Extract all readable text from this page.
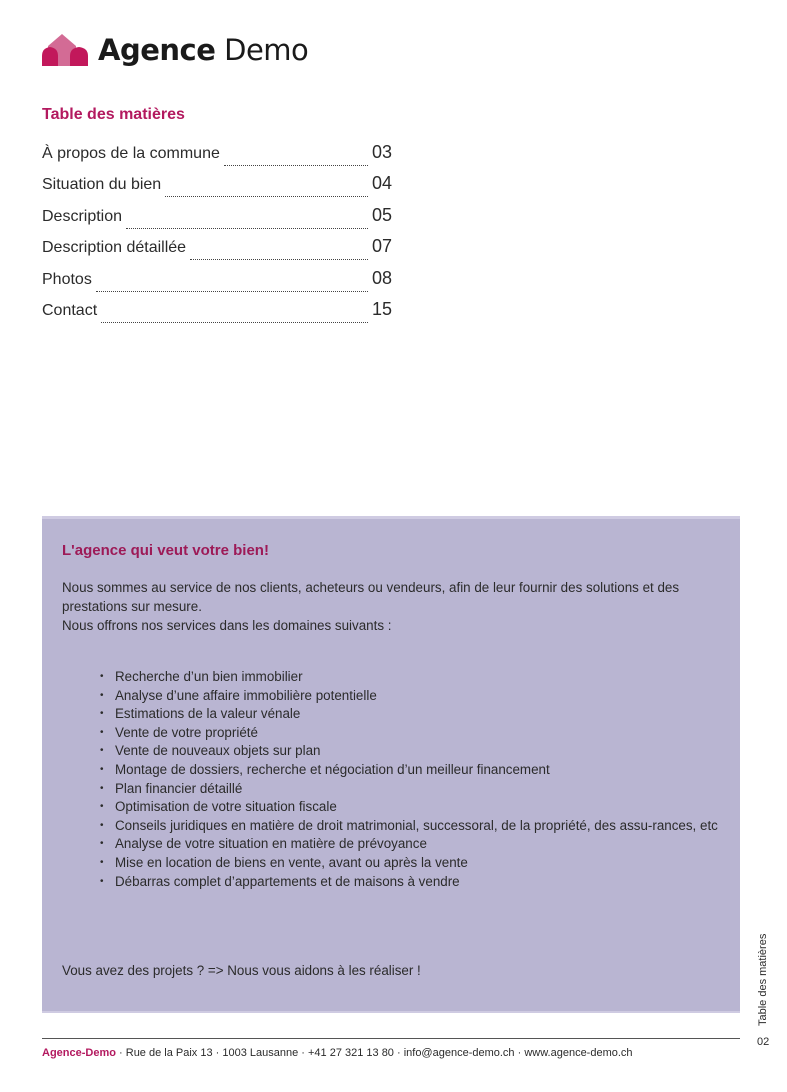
Agence Demo
Table des matières
À propos de la commune	03
Situation du bien	04
Description	05
Description détaillée	07
Photos	08
Contact	15
L'agence qui veut votre bien!
Nous sommes au service de nos clients, acheteurs ou vendeurs, afin de leur fournir des solutions et des prestations sur mesure.
Nous offrons nos services dans les domaines suivants :
• Recherche d’un bien immobilier
• Analyse d’une affaire immobilière potentielle
• Estimations de la valeur vénale
• Vente de votre propriété
• Vente de nouveaux objets sur plan
• Montage de dossiers, recherche et négociation d’un meilleur financement
• Plan financier détaillé
• Optimisation de votre situation fiscale
• Conseils juridiques en matière de droit matrimonial, successoral, de la propriété, des assu-rances, etc
• Analyse de votre situation en matière de prévoyance
• Mise en location de biens en vente, avant ou après la vente
• Débarras complet d’appartements et de maisons à vendre
Vous avez des projets ? => Nous vous aidons à les réaliser !	Table des matières
Agence-Demo · Rue de la Paix 13 · 1003 Lausanne · +41 27 321 13 80 · info@agence-demo.ch · www.agence-demo.ch
02
